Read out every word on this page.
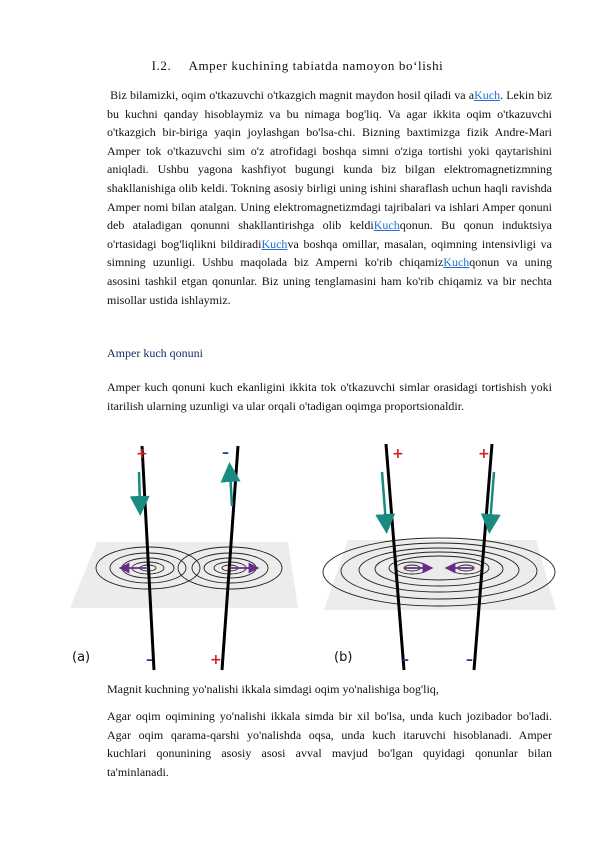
I.2. Amper kuchining tabiatda namoyon bo‘lishi
Biz bilamizki, oqim o'tkazuvchi o'tkazgich magnit maydon hosil qiladi va aKuch. Lekin biz bu kuchni qanday hisoblaymiz va bu nimaga bog'liq. Va agar ikkita oqim o'tkazuvchi o'tkazgich bir-biriga yaqin joylashgan bo'lsa-chi. Bizning baxtimizga fizik Andre-Mari Amper tok o'tkazuvchi sim o'z atrofidagi boshqa simni o'ziga tortishi yoki qaytarishini aniqladi. Ushbu yagona kashfiyot bugungi kunda biz bilgan elektromagnetizmning shakllanishiga olib keldi. Tokning asosiy birligi uning ishini sharaflash uchun haqli ravishda Amper nomi bilan atalgan. Uning elektromagnetizmdagi tajribalari va ishlari Amper qonuni deb ataladigan qonunni shakllantirishga olib keldiKuchqonun. Bu qonun induktsiya o'rtasidagi bog'liqlikni bildiradiKuchva boshqa omillar, masalan, oqimning intensivligi va simning uzunligi. Ushbu maqolada biz Amperni ko'rib chiqamizKuchqonun va uning asosini tashkil etgan qonunlar. Biz uning tenglamasini ham ko'rib chiqamiz va bir nechta misollar ustida ishlaymiz.
Amper kuch qonuni
Amper kuch qonuni kuch ekanligini ikkita tok o'tkazuvchi simlar orasidagi tortishish yoki itarilish ularning uzunligi va ular orqali o'tadigan oqimga proportsionaldir.
+	–
–	+
(a)
+	+
–	–
(b)
Magnit kuchning yo'nalishi ikkala simdagi oqim yo'nalishiga bog'liq,
Agar oqim oqimining yo'nalishi ikkala simda bir xil bo'lsa, unda kuch jozibador bo'ladi. Agar oqim qarama-qarshi yo'nalishda oqsa, unda kuch itaruvchi hisoblanadi. Amper kuchlari qonunining asosiy asosi avval mavjud bo'lgan quyidagi qonunlar bilan ta'minlanadi.
